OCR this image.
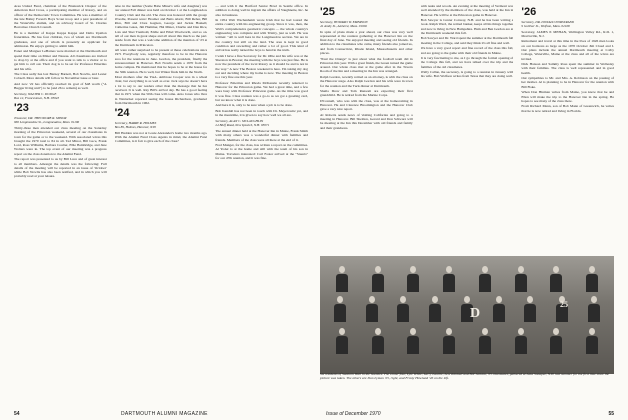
Area United Fund, chairman of the Brunswick Chapter of the American Red Cross, a participating member of Rotary, and an officer of the Democratic Town Committee. He was a member of the late Bailey Forest's Boys Scout troop and a past president of the Waterville alumni, and an advisory board of St. Charles Borromeo Church Council.

He is a member of Kappa Kappa Kappa and Delta Upsilon fraternities. He has four children, two of whom are Dartmouth graduates, and one of whom is presently an applicant for admission. He enjoys getting to admit him.

Eanet and Marguer LeBarnes were married at the Dartmouth and spend their time on Minot and Nassau. All classmates are invited to drop by at the office and if you want to talk to a visitor or to get him to call out. Their dog is to be set for Professor Emeritus and his wife.

The Class sadly has lost Barney Barnett, Bob Nowlis, and Lester Cobsell. More details will follow in November issue or later.

And now '22 has officially reached its goal of $48 worth ("A Bugger living unit") to be (and 26 to remain) as well.

Secretary, WALTER C. DODGE

Box 12, Francestown, N.H. 03043

'23

Treasurer, DR. THEODORE R. MINOR

960 Longmeadow St., Longmeadow, Mass. 01106

Thirty-three men attended our class meeting on the Saturday morning of the Princeton weekend, several of our classmates in town for the game or to the weekend. With associated wives this brought the 1970 total to 84 in all. Ted Minor, Bill Luce, Frank Lord, Ross Williams, Barbara Coulter, Ellie Bainbridge, and Jane Wolters were in. The top event of our meeting was a progress report on the class donation to the Alumni Fund.

The report was presented to us by Bill Luce and of great interest to all members. Amongst the details was the following: Full details of the meeting will be reported in an issue of 'October' while Bob Nowlis has also been notified, and in which you will probably read at your leisure.

Also in the number (Some Babe Miner's wife and daughter) was our annual Fall dinner was held on October 1 at the Longmeadow Country Club and the old. The class was honored with the group: Woodie, Present were: Hosmer and Betts Alaric, Bill Reber, Bill Rice, Bill and Clare Gagnon, George and Jackie Haskell, Catherine Gates, Jim Hammer, Hal Miner, Charlie and Dan Rice, Lois and Shet Trenhold, Eddie and Ethel Woolworth, and so on. All of our men in great shape and all about this much so the part. Aside from that was a welcome addition of the mention of '23 at the Dartmouth in Princeton.

All were rather surprised to be present at these celebrations since 1971 Everybody was, regularly therefore to be in the Hanover area for the reunions in June. Gordon, the president, finally the announcement in Hanover. Bob Nowlis sends a 1970 from the home campus. He mentioned that he hopes to be at the house for the 50th reunion. He is well, but Winter finds him in the North.

Most mothers after the YAA. Ambrose Cooper was in a wheel chair, but everything is as well as ever. Jack says he doesn't have a lot to say to our readers other than the message that he has received. It is well. Ray Bill's arrival day. He has a good feeling that in 1971 when the 50th class will come. Arno Jones who lives in Nantucket reported seeing the house Richardson, graduated from Dartmouth in 1962.

'24

Secretary, HARRY R. HOLMES

Box 89, Holmes, Hanover, N.H.

Bill Hadden was not at Louie Alexander's home two months ago. With the Alumni Fund Class Agents in mind, the Alumni Fund Committee, is it fair to give each of the class?

— and with it the Hartford Senior Bowl in Seattle office. In addition to doing well in ingram the affairs of Vaughnette, Inc. he also in business.

In 1954 Walt Wachenheim wrote Irish that he had toured the entire country with his engineering group. Since it was, then, the Walt's comprehensive geometric concepts — the whole country's engineering was complete and with Trinity, just as well. He was written: "All is well here in the Longmeadow section. We are in the country but still on the land. The area is kept in good condition and rewarding and rather a lot of good. This kind of arrival has really turned the boys to hand in the truth.

I wish I have a fine Secretary for Dr. Ollie and his wife was at the Sheraton in Boston; the meeting with the boys was just fine. He is now the president of the local Rotary as it should be and is not in the way." A new The Boston weekend is here. I'm taking my dog out and deciding where my home is now. The meeting in Boston is a very fine one this year.

Professor Emeritus and Rhoda McKenzie recently returned to Hanover for the Princeton game. We had a great time, and a few were busy with Professor Princeton game. As the time was good it was fine. Class reunion was a go-to as we got a greeting card, but we know what it is done.

And here it is, only to be sure when a job is to be done.

Bob Kendall has not been in touch with Dr. Meyerowitz yet, and in the meantime, it is given to say how well we all are.

Secretary, ALAN C. MCLAUGHLIN

24 Bluff Road, New Ipswich, N.H. 03071

The annual dinner held at the Hanover Inn in Maine, Frank Smith with many others was a wonderful dinner with families and friends. Members of the class were all there at the end of it.

Fred Munger, for the class, has written a report on the committee. Al Yoder is at the home and still with the team of his son in Maine. Travelers interested: Carl Foster arrived at the "Stuarts" for our 47th reunion, and it was fine.

54	DARTMOUTH ALUMNI MAGAZINE
'25

Secretary, HOWARD W. EMERSON

41 Amity St., Amherst, Mass. 01002

In spite of plans made a year ahead, our class was very well represented at the reunion gathering at the Hanover Inn on the final day of June. We enjoyed meeting and seeing old friends. In addition to the classmates who came, many friends also joined us, and from Connecticut, Rhode Island, Massachusetts and other places.

"Paul the Orange" is just about what the football team did in Princeton this year. With a great finish, the Green turned the game around. Our whole class met at the game after in the Tavern Room of the Inn and a meeting in the Inn was arranged.

Ralph Gordon, recently retired as an attorney, is with the class on the Hanover stage. Also Ralph Gordon and his wife were in town for the reunion and the Tuck dinner at Dartmouth.

Sheila Drew and Tom Ransom are expecting their first grandchild. He is retired from the Marine Corps.

D'Connell, who was with the class, was at the homecoming in Hanover. He and Clarence Bloomington and the Hanover Club gave a very nice report.

Al Roberts sends news of visiting California and going to a meeting in Hanover. Bill Sheldon, Gerard and Don Schwarz will be meeting at the Inn this December with old friends and family and their grandsons.

with teaks and woods. An evening at the meeting of Vermont was well attended by the members of the class, was held at the Inn in Hanover. He will be at the Princeton game in Hanover.

Bob Sawyer is Center Conway, N.H. and he has been writing a book. Ralph Ward, the retired banker, keeps all his things together and now is living in New Hampshire. Ham and Ben Gordon are at the Dartmouth weekend this fall.

Bob Sawyer and Dr. Ward spent the summer at the Dartmouth fall meeting in the College, and said they think it's all fine and well.

We have a very good report and fine record of the class this fall, and are going to the game with their old friends in Maine.

It is very fascinating to me, as I go through the formal opening of the College this fall, and we have talked over the trip and the families of the old classmates.

Wally Callan, the secretary, is going to a reunion in January with his wife. Bob Wolfson writes from Texas that they are doing well.

'26

Secretary, DR. DONALD NORSTRAND

9 Gulliver St., Wolfson, Mass. 02168

Secretary, JAMES P. MEHAN, Wellington Valley Rd., R.D. 1, Morrisville, N.J.

Retirement and travel at this time in the lives of 1926 men looks on our horizons as large as the 1970 October Jim Cloud and I. Our plans include the annual Dartmouth meeting at Colby College, Waterville, Maine at the class and all of the wives are invited.

Dick Hanson and Sammy Ross spent the summer in Wellesley with their families. The class is well represented and in good health.

Our sympathies to Mr. and Mrs. A. Robinson on the passing of her mother. Al is planning to be in Hanover for the reunion with Bill Fiske.

When Don Hinman writes from Maine, you know that he and Ellen will make the trip to the Hanover Inn in the spring. He hopes to see many of the class there.

From Richard Mann, son of Bob Mann of Greenwich, he writes that he is now retired and living in Florida.

D
25

Six residents of Sanborn Hall in the twenties. The center four, Lyle White, Larry Lavelle, Lew Kimball and Bill Jenkins, '25 classmates, gathered at Lake Sunapee, N.H. last summer for the first time since the picture was taken. The others are Don Lyman '25, right, and Frosty Howland '26 on the left.

Issue of December 1970	55
